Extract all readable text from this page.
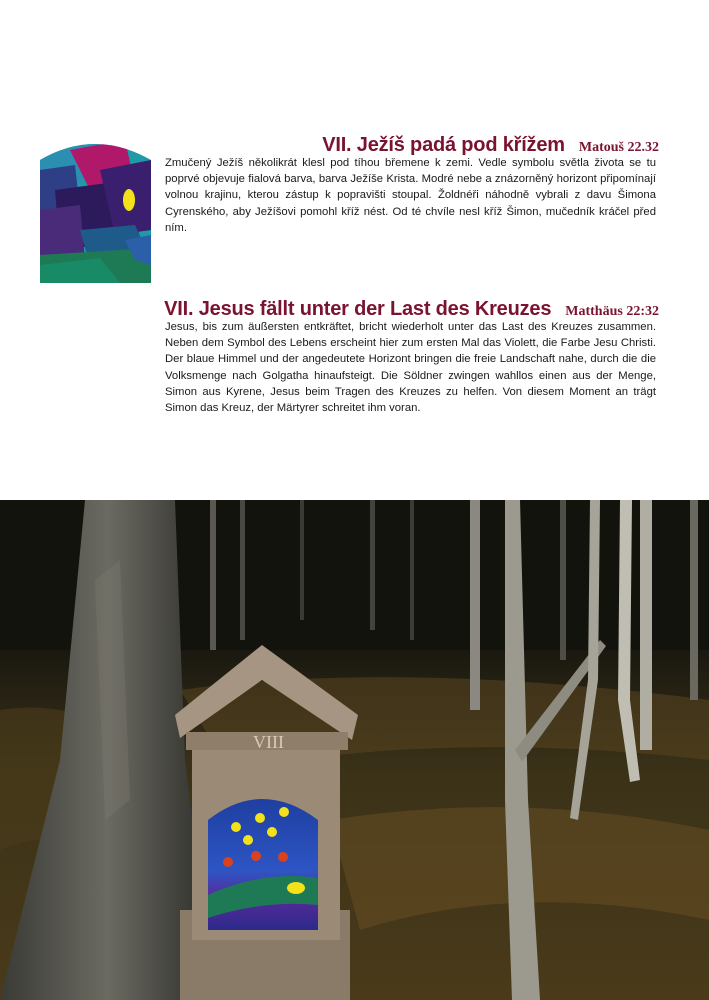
VII. Ježíš padá pod křížem Matouš 22.32

Zmučený Ježíš několikrát klesl pod tíhou břemene k zemi. Vedle symbolu světla života se tu poprvé objevuje fialová barva, barva Ježíše Krista. Modré nebe a znázorněný horizont připomínají volnou krajinu, kterou zástup k popravišti stoupal. Žoldnéři náhodně vybrali z davu Šimona Cyrenského, aby Ježíšovi pomohl kříž nést. Od té chvíle nesl kříž Šimon, mučedník kráčel před ním.

VII. Jesus fällt unter der Last des Kreuzes Matthäus 22:32

Jesus, bis zum äußersten entkräftet, bricht wiederholt unter das Last des Kreuzes zusammen. Neben dem Symbol des Lebens erscheint hier zum ersten Mal das Violett, die Farbe Jesu Christi. Der blaue Himmel und der angedeutete Horizont bringen die freie Landschaft nahe, durch die die Volksmenge nach Golgatha hinaufsteigt. Die Söldner zwingen wahllos einen aus der Menge, Simon aus Kyrene, Jesus beim Tragen des Kreuzes zu helfen. Von diesem Moment an trägt Simon das Kreuz, der Märtyrer schreitet ihm voran.

VIII
